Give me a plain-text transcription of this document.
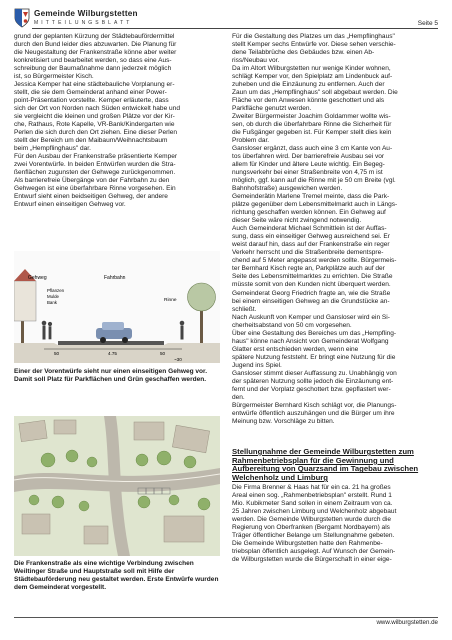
Gemeinde Wilburgstetten
MITTEILUNGSBLATT	Seite 5

grund der geplanten Kürzung der Städtebaufördermittel

durch den Bund leider dies abzuwarten. Die Planung für

die Neugestaltung der Frankenstraße könne aber weiter

konkretisiert und bearbeitet werden, so dass eine Aus-

schreibung der Baumaßnahme dann jederzeit möglich

ist, so Bürgermeister Kisch.

Jessica Kemper hat eine städtebauliche Vorplanung er-

stellt, die sie dem Gemeinderat anhand einer Power-

point-Präsentation vorstellte. Kemper erläuterte, dass

sich der Ort von Norden nach Süden entwickelt habe und

sie vergleicht die kleinen und großen Plätze vor der Kir-

che, Rathaus, Rote Kapelle, VR-Bank/Kindergarten wie

Perlen die sich durch den Ort ziehen. Eine dieser Perlen

stellt der Bereich um den Maibaum/Weihnachtsbaum

beim „Hempflinghaus" dar.

Für den Ausbau der Frankenstraße präsentierte Kemper

zwei Vorentwürfe. In beiden Entwürfen wurden die Stra-

ßenflächen zugunsten der Gehwege zurückgenommen.

Als barrierefreie Übergänge von der Fahrbahn zu den

Gehwegen ist eine überfahrbare Rinne vorgesehen. Ein

Entwurf sieht einen beidseitigen Gehweg, der andere

Entwurf einen einseitigen Gehweg vor.

Gehweg
Pflanzen
Mulde
Bank
Fahrbahn
Rinne
50	4.75	50
~30
Einer der Vorentwürfe sieht nur einen einseitigen Gehweg vor. Damit soll Platz für Parkflächen und Grün geschaffen werden.
Die Frankenstraße als eine wichtige Verbindung zwischen Weiltinger Straße und Hauptstraße soll mit Hilfe der Städtebauförderung neu gestaltet werden. Erste Entwürfe wurden dem Gemeinderat vorgestellt.

Für die Gestaltung des Platzes um das „Hempflinghaus"

stellt Kemper sechs Entwürfe vor. Diese sehen verschie-

dene Teilabbrüche des Gebäudes bzw. einen Ab-

riss/Neubau vor.

Da im Altort Wilburgstetten nur wenige Kinder wohnen,

schlägt Kemper vor, den Spielplatz am Lindenbuck auf-

zuheben und die Einzäunung zu entfernen. Auch der

Zaun um das „Hempflinghaus" soll abgebaut werden. Die

Fläche vor dem Anwesen könnte geschottert und als

Parkfläche genutzt werden.

Zweiter Bürgermeister Joachim Goldammer wollte wis-

sen, ob durch die überfahrbare Rinne die Sicherheit für

die Fußgänger gegeben ist. Für Kemper stellt dies kein

Problem dar.

Gansloser ergänzt, dass auch eine 3 cm Kante von Au-

tos überfahren wird. Der barrierefreie Ausbau sei vor

allem für Kinder und ältere Leute wichtig. Ein Begeg-

nungsverkehr bei einer Straßenbreite von 4,75 m ist

möglich, ggf. kann auf die Rinne mit je 50 cm Breite (vgl.

Bahnhofstraße) ausgewichen werden.

Gemeinderätin Marlene Tremel meinte, dass die Park-

plätze gegenüber dem Lebensmittelmarkt auch in Längs-

richtung geschaffen werden können. Ein Gehweg auf

dieser Seite wäre nicht zwingend notwendig.

Auch Gemeinderat Michael Schmittlein ist der Auffas-

sung, dass ein einseitiger Gehweg ausreichend sei. Er

weist darauf hin, dass auf der Frankenstraße ein reger

Verkehr herrscht und die Straßenbreite dementspre-

chend auf 5 Meter angepasst werden sollte. Bürgermeis-

ter Bernhard Kisch regte an, Parkplätze auch auf der

Seite des Lebensmittelmarktes zu errichten. Die Straße

müsste somit von den Kunden nicht überquert werden.

Gemeinderat Georg Friedrich fragte an, wie die Straße

bei einem einseitigen Gehweg an die Grundstücke an-

schließt.

Nach Auskunft von Kemper und Gansloser wird ein Si-

cherheitsabstand von 50 cm vorgesehen.

Über eine Gestaltung des Bereiches um das „Hempfling-

haus" könne nach Ansicht von Gemeinderat Wolfgang

Glatter erst entschieden werden, wenn eine

spätere Nutzung feststeht. Er bringt eine Nutzung für die

Jugend ins Spiel.

Gansloser stimmt dieser Auffassung zu. Unabhängig von

der späteren Nutzung sollte jedoch die Einzäunung ent-

fernt und der Vorplatz geschottert bzw. gepflastert wer-

den.

Bürgermeister Bernhard Kisch schlägt vor, die Planungs-

entwürfe öffentlich auszuhängen und die Bürger um ihre

Meinung bzw. Vorschläge zu bitten.

Stellungnahme der Gemeinde Wilburgstetten zum Rahmenbetriebsplan für die Gewinnung und Aufbereitung von Quarzsand im Tagebau zwischen Welchenholz und Limburg

Die Firma Brenner & Haas hat für ein ca. 21 ha großes

Areal einen sog. „Rahmenbetriebsplan" erstellt. Rund 1

Mio. Kubikmeter Sand sollen in einem Zeitraum von ca.

25 Jahren zwischen Limburg und Welchenholz abgebaut

werden. Die Gemeinde Wilburgstetten wurde durch die

Regierung von Oberfranken (Bergamt Nordbayern) als

Träger öffentlicher Belange um Stellungnahme gebeten.

Die Gemeinde Wilburgstetten hatte den Rahmenbe-

triebsplan öffentlich ausgelegt. Auf Wunsch der Gemein-

de Wilburgstetten wurde die Bürgerschaft in einer eige-

www.wilburgstetten.de
